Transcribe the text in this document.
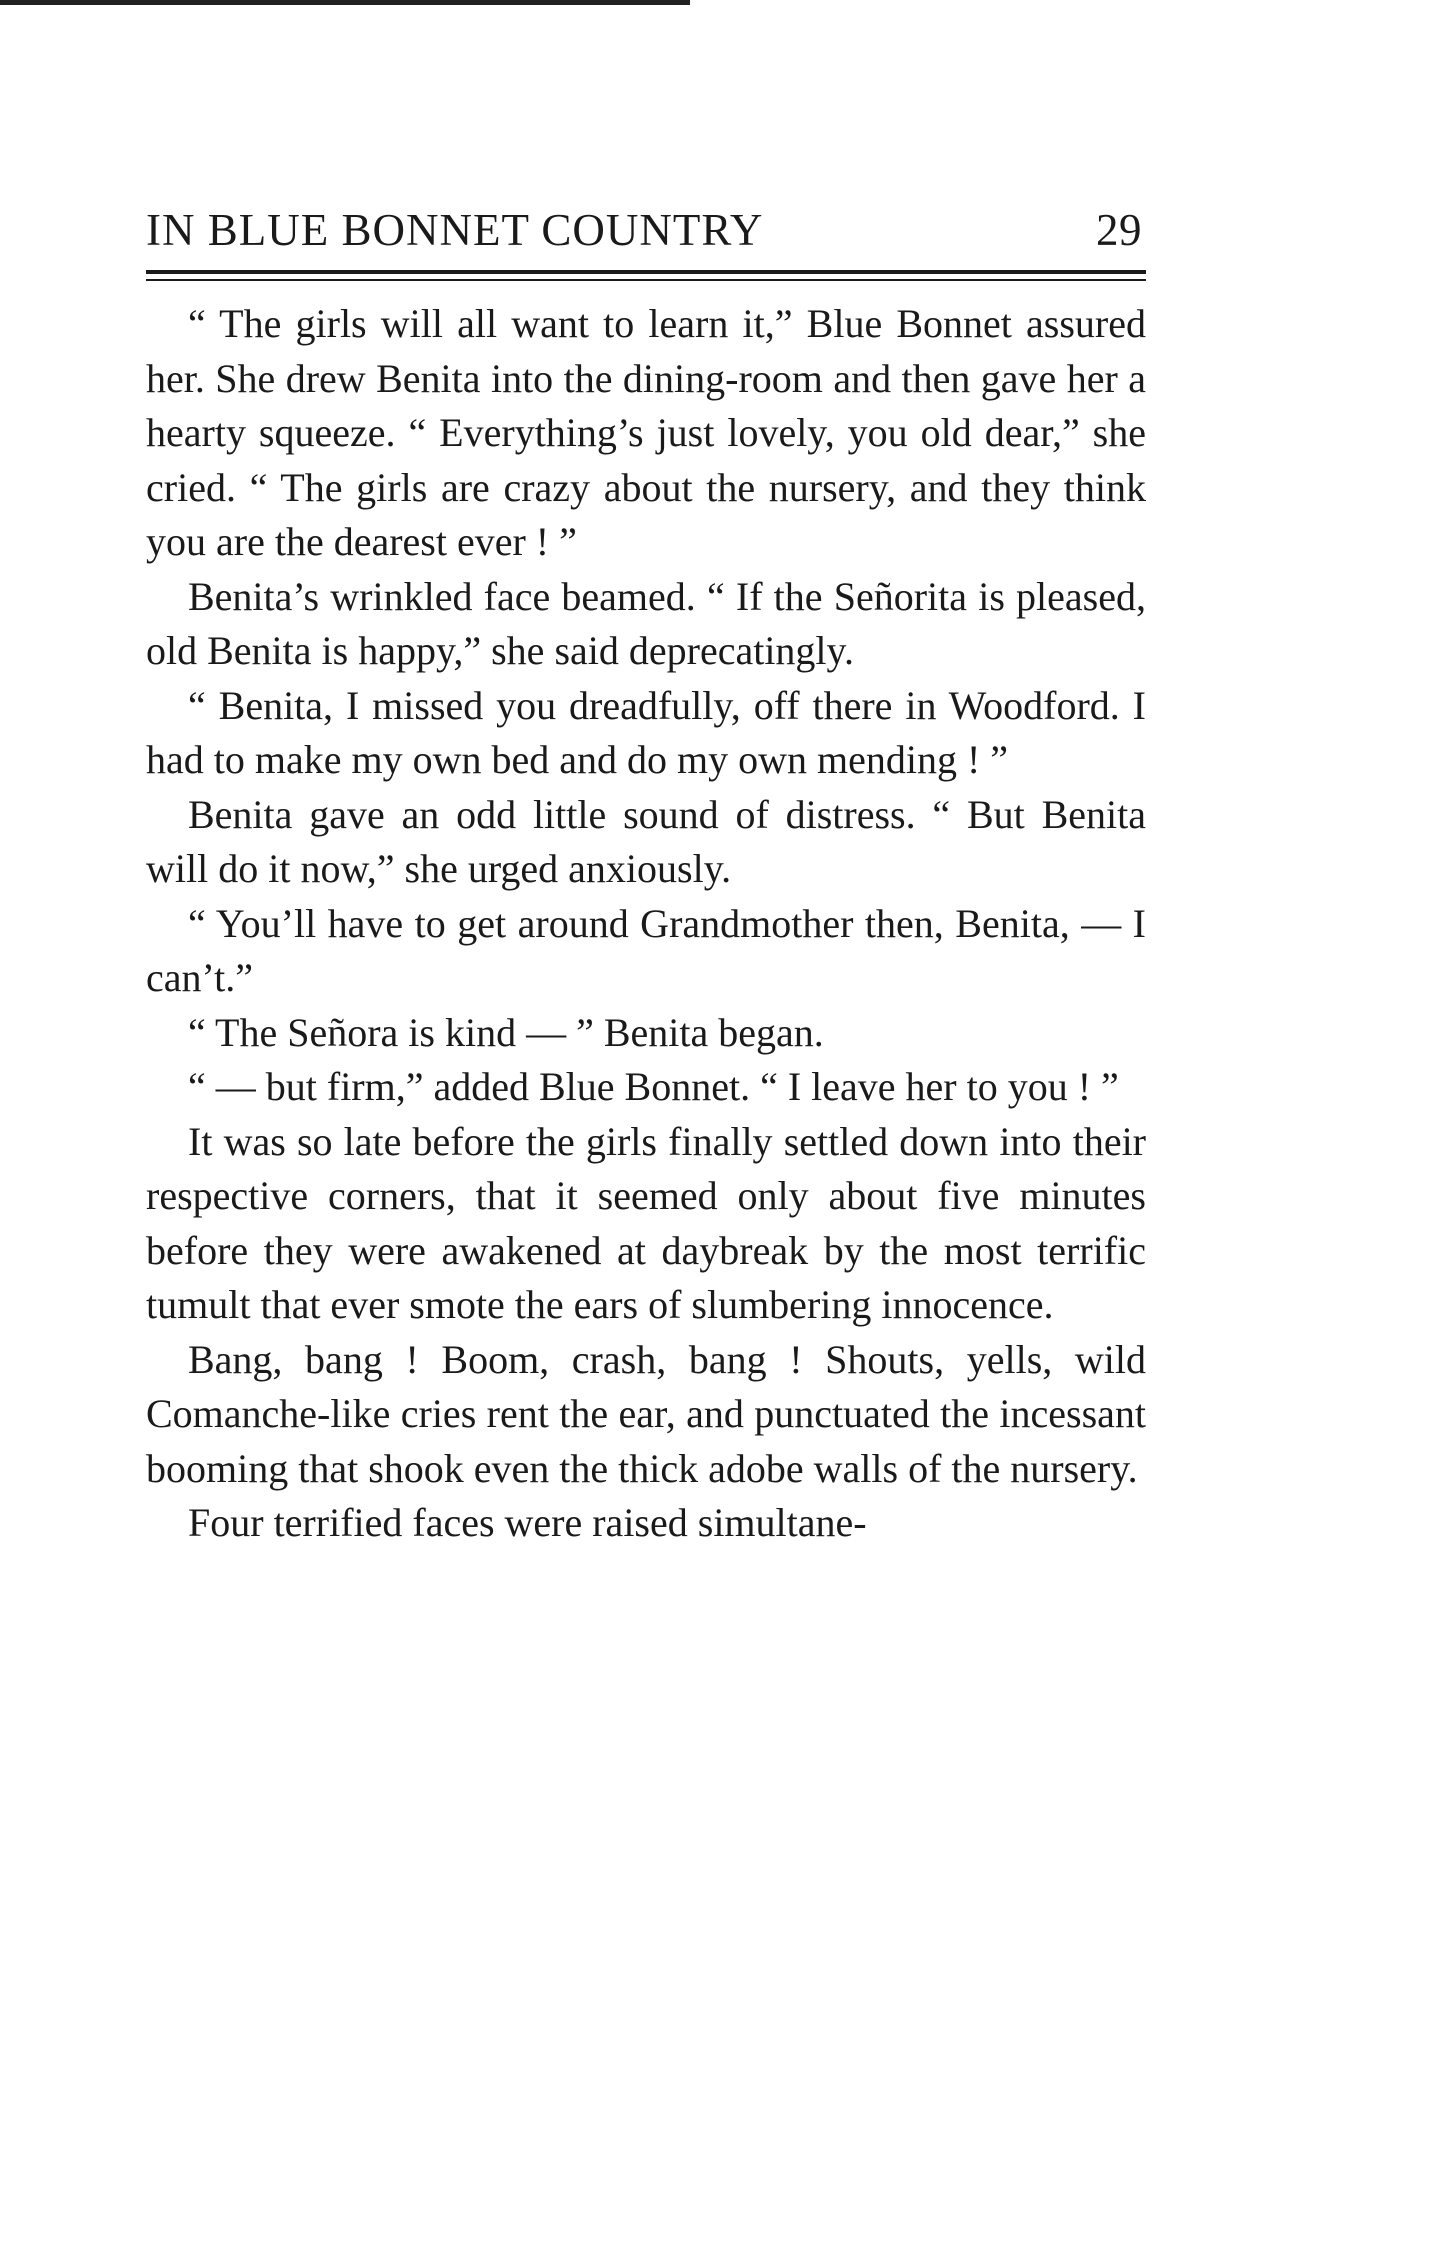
IN BLUE BONNET COUNTRY	29

“ The girls will all want to learn it,” Blue Bonnet assured her. She drew Benita into the dining-room and then gave her a hearty squeeze. “ Everything’s just lovely, you old dear,” she cried. “ The girls are crazy about the nursery, and they think you are the dearest ever ! ”

Benita’s wrinkled face beamed. “ If the Señorita is pleased, old Benita is happy,” she said deprecatingly.

“ Benita, I missed you dreadfully, off there in Woodford. I had to make my own bed and do my own mending ! ”

Benita gave an odd little sound of distress. “ But Benita will do it now,” she urged anxiously.

“ You’ll have to get around Grandmother then, Benita, — I can’t.”

“ The Señora is kind — ” Benita began.

“ — but firm,” added Blue Bonnet. “ I leave her to you ! ”

It was so late before the girls finally settled down into their respective corners, that it seemed only about five minutes before they were awakened at daybreak by the most terrific tumult that ever smote the ears of slumbering innocence.

Bang, bang ! Boom, crash, bang ! Shouts, yells, wild Comanche-like cries rent the ear, and punctuated the incessant booming that shook even the thick adobe walls of the nursery.

Four terrified faces were raised simultane-
